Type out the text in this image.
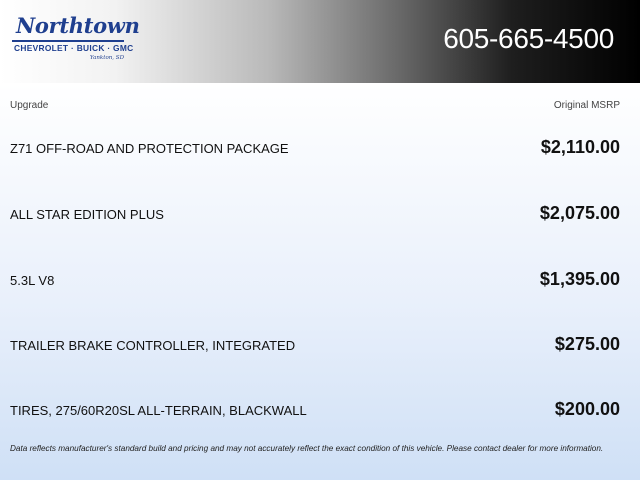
Northtown
CHEVROLET · BUICK · GMC
Yankton, SD
605-665-4500
Upgrade	Original MSRP
Z71 OFF-ROAD AND PROTECTION PACKAGE	$2,110.00
ALL STAR EDITION PLUS	$2,075.00
5.3L V8	$1,395.00
TRAILER BRAKE CONTROLLER, INTEGRATED	$275.00
TIRES, 275/60R20SL ALL-TERRAIN, BLACKWALL	$200.00
Data reflects manufacturer's standard build and pricing and may not accurately reflect the exact condition of this vehicle. Please contact dealer for more information.
